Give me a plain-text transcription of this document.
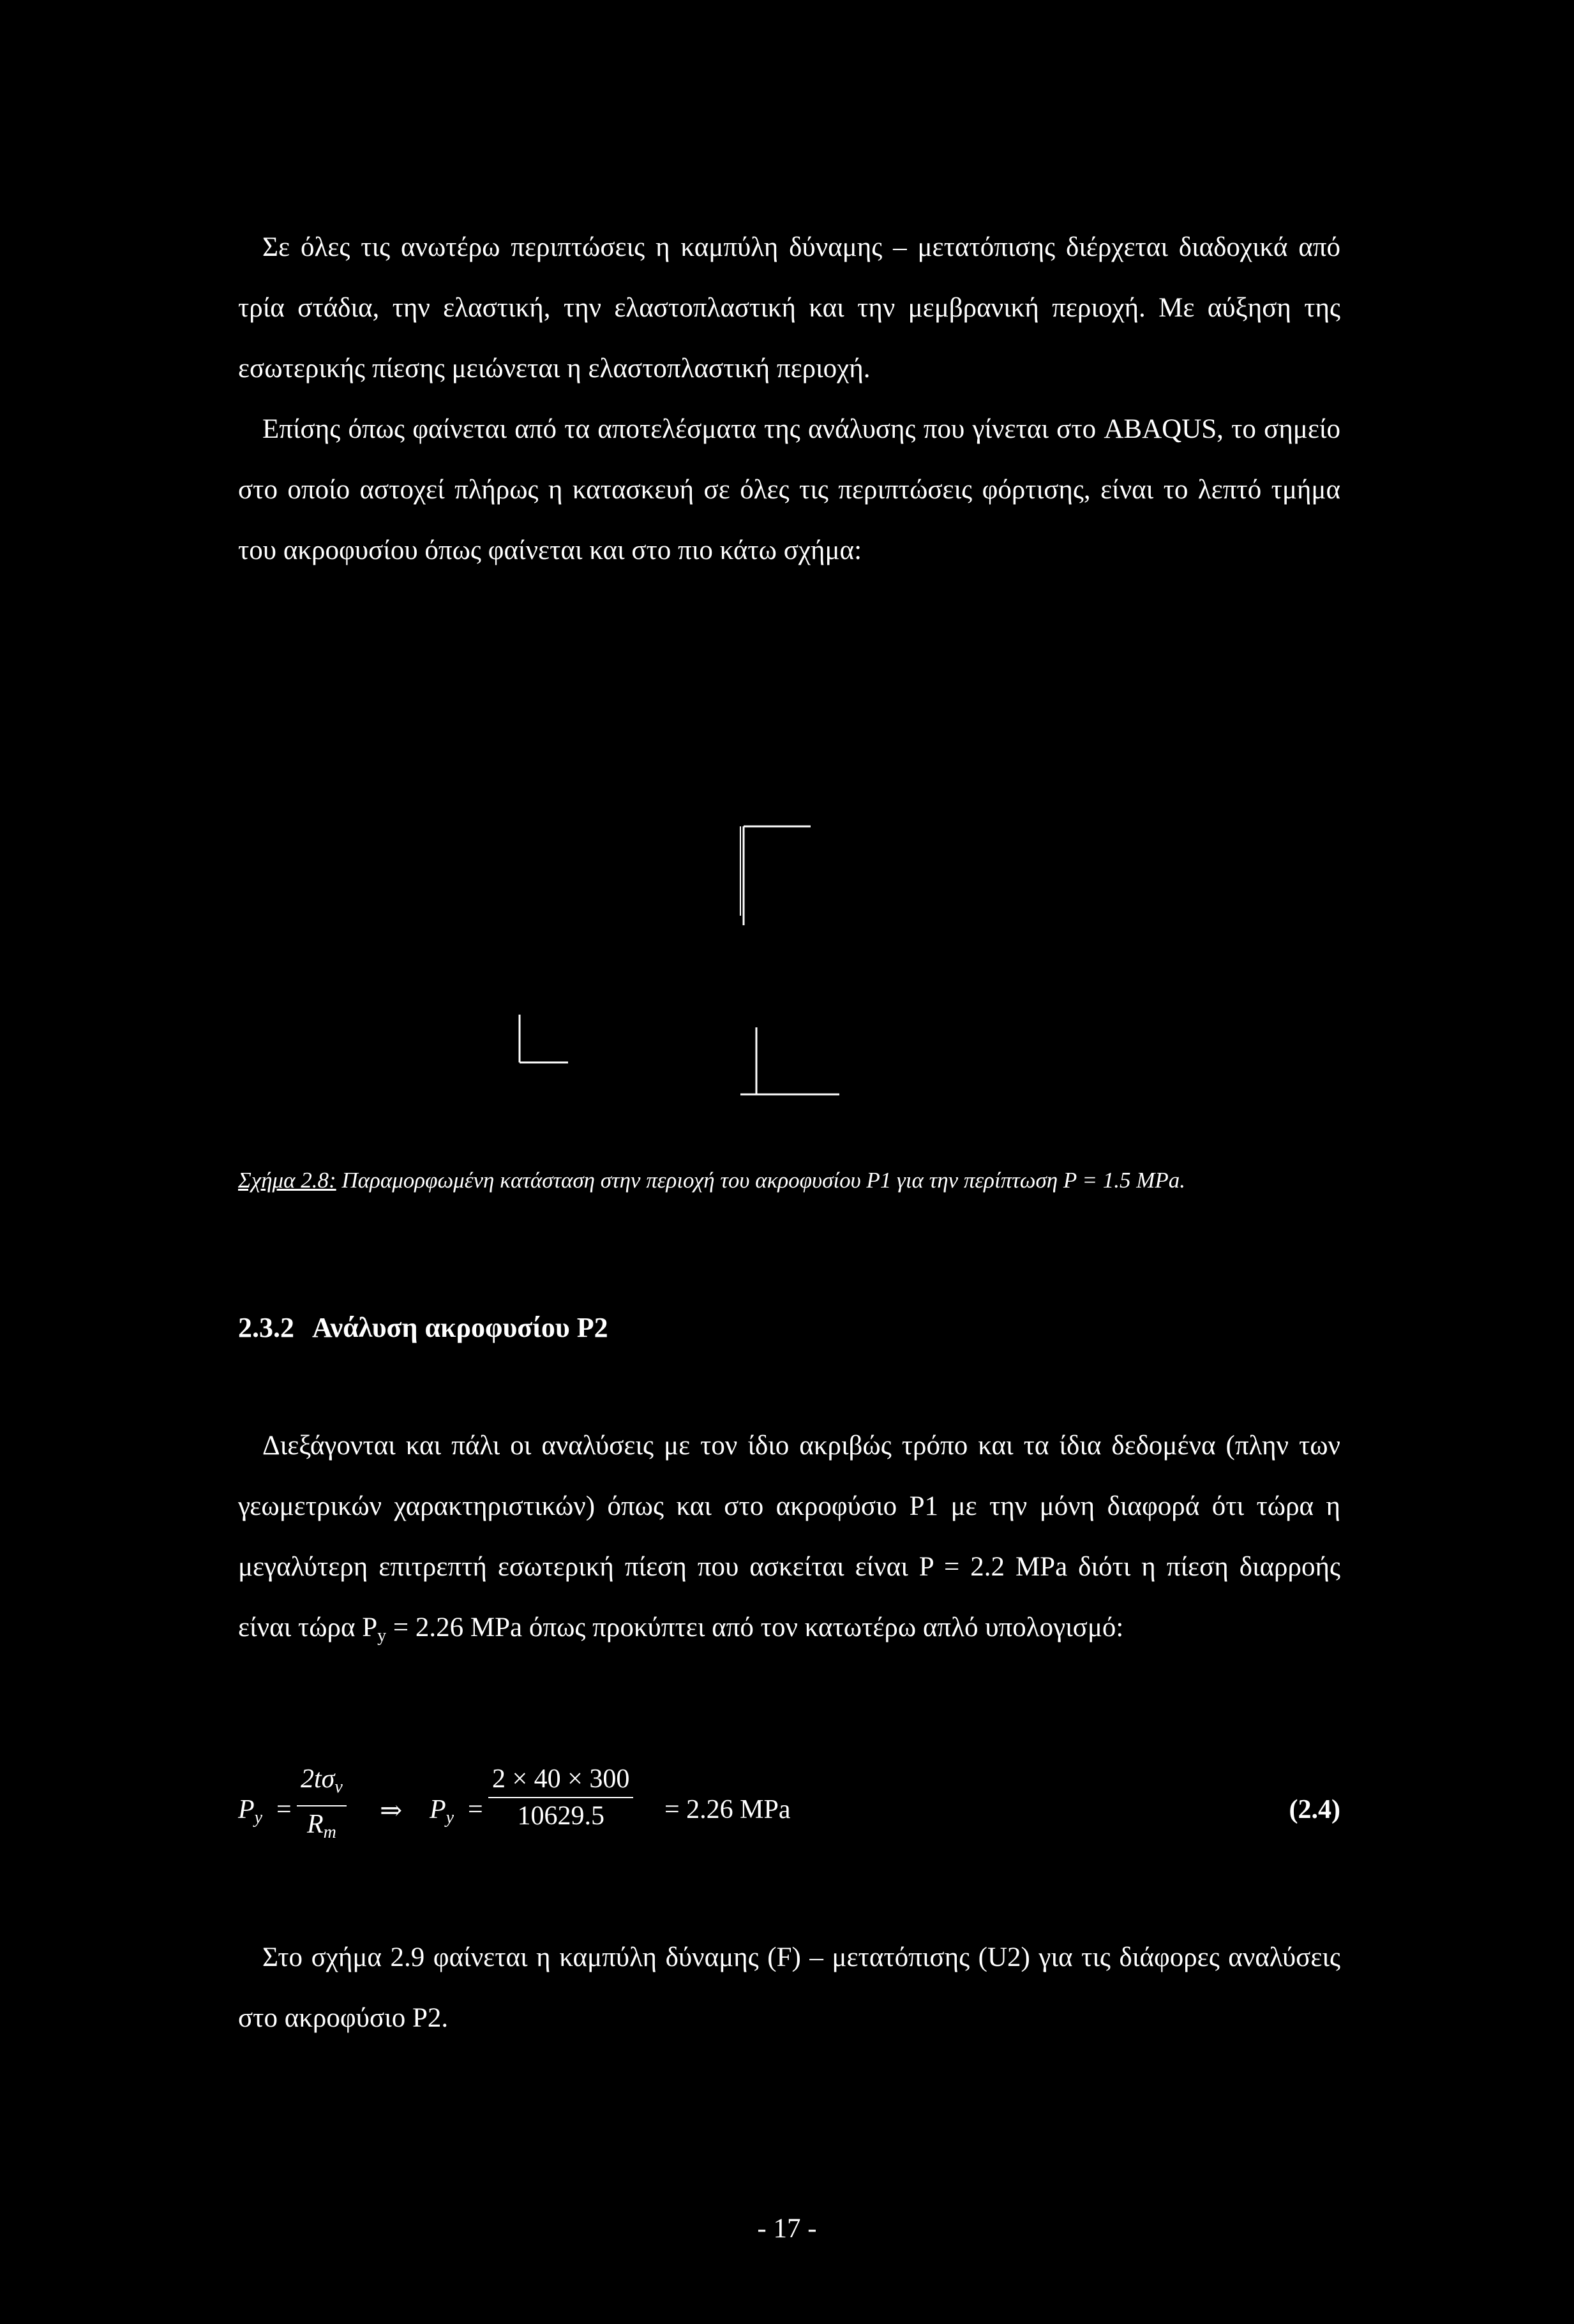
Σε όλες τις ανωτέρω περιπτώσεις η καμπύλη δύναμης – μετατόπισης διέρχεται διαδοχικά από τρία στάδια, την ελαστική, την ελαστοπλαστική και την μεμβρανική περιοχή. Με αύξηση της εσωτερικής πίεσης μειώνεται η ελαστοπλαστική περιοχή.

Επίσης όπως φαίνεται από τα αποτελέσματα της ανάλυσης που γίνεται στο ABAQUS, το σημείο στο οποίο αστοχεί πλήρως η κατασκευή σε όλες τις περιπτώσεις φόρτισης, είναι το λεπτό τμήμα του ακροφυσίου όπως φαίνεται και στο πιο κάτω σχήμα:

Σχήμα 2.8: Παραμορφωμένη κατάσταση στην περιοχή του ακροφυσίου P1 για την περίπτωση P = 1.5 MPa.

2.3.2 Ανάλυση ακροφυσίου P2

Διεξάγονται και πάλι οι αναλύσεις με τον ίδιο ακριβώς τρόπο και τα ίδια δεδομένα (πλην των γεωμετρικών χαρακτηριστικών) όπως και στο ακροφύσιο P1 με την μόνη διαφορά ότι τώρα η μεγαλύτερη επιτρεπτή εσωτερική πίεση που ασκείται είναι P = 2.2 MPa διότι η πίεση διαρροής είναι τώρα $P_y = 2.26$ MPa όπως προκύπτει από τον κατωτέρω απλό υπολογισμό:

$P_y$ =
$2t\sigma_v$
$R_m$
⇒ $P_y = \frac{2 \times 40 \times 300}{10629.5} = 2.26$ MPa	(2.4)

Στο σχήμα 2.9 φαίνεται η καμπύλη δύναμης (F) – μετατόπισης (U2) για τις διάφορες αναλύσεις στο ακροφύσιο P2.

- 17 -
